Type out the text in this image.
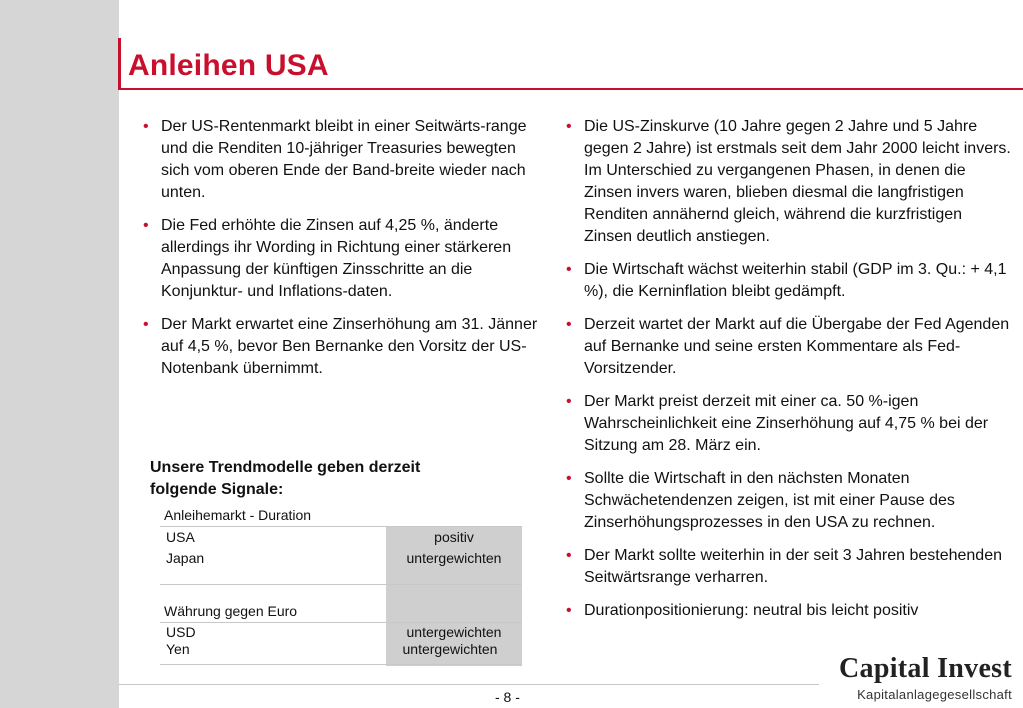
Anleihen USA
• Der US-Rentenmarkt bleibt in einer Seitwärts-range und die Renditen 10-jähriger Treasuries bewegten sich vom oberen Ende der Band-breite wieder nach unten.
• Die Fed erhöhte die Zinsen auf 4,25 %, änderte allerdings ihr Wording in Richtung einer stärkeren Anpassung der künftigen Zinsschritte an die Konjunktur- und Inflations-daten.
• Der Markt erwartet eine Zinserhöhung am 31. Jänner auf 4,5 %, bevor Ben Bernanke den Vorsitz der US-Notenbank übernimmt.
• Die US-Zinskurve (10 Jahre gegen 2 Jahre und 5 Jahre gegen 2 Jahre) ist erstmals seit dem Jahr 2000 leicht invers. Im Unterschied zu vergangenen Phasen, in denen die Zinsen invers waren, blieben diesmal die langfristigen Renditen annähernd gleich, während die kurzfristigen Zinsen deutlich anstiegen.
• Die Wirtschaft wächst weiterhin stabil (GDP im 3. Qu.: + 4,1 %), die Kerninflation bleibt gedämpft.
• Derzeit wartet der Markt auf die Übergabe der Fed Agenden auf Bernanke und seine ersten Kommentare als Fed-Vorsitzender.
• Der Markt preist derzeit mit einer ca. 50 %-igen Wahrscheinlichkeit eine Zinserhöhung auf 4,75 % bei der Sitzung am 28. März ein.
• Sollte die Wirtschaft in den nächsten Monaten Schwächetendenzen zeigen, ist mit einer Pause des Zinserhöhungsprozesses in den USA zu rechnen.
• Der Markt sollte weiterhin in der seit 3 Jahren bestehenden Seitwärtsrange verharren.
• Durationpositionierung: neutral bis leicht positiv
Unsere Trendmodelle geben derzeit folgende Signale:
Anleihemarkt - Duration
USA	positiv
Japan	untergewichten
Währung gegen Euro
USD	untergewichten
Yen	untergewichten
- 8 -
Capital Invest
Kapitalanlagegesellschaft
